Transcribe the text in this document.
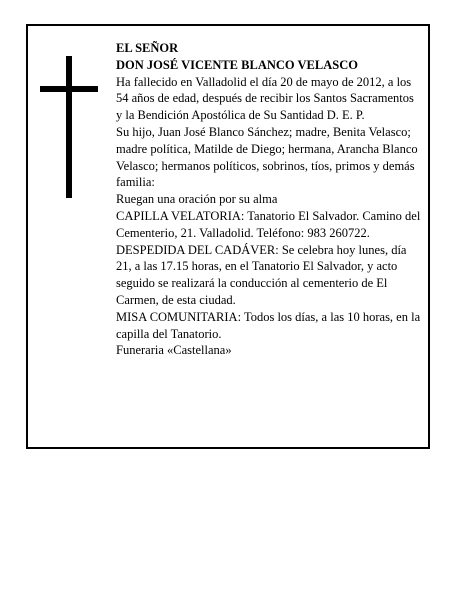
EL SEÑOR

DON JOSÉ VICENTE BLANCO VELASCO

Ha fallecido en Valladolid el día 20 de mayo de 2012, a los 54 años de edad, después de recibir los Santos Sacramentos y la Bendición Apostólica de Su Santidad D. E. P.

Su hijo, Juan José Blanco Sánchez; madre, Benita Velasco; madre política, Matilde de Diego; hermana, Arancha Blanco Velasco; hermanos políticos, sobrinos, tíos, primos y demás familia:

Ruegan una oración por su alma

CAPILLA VELATORIA: Tanatorio El Salvador. Camino del Cementerio, 21. Valladolid. Teléfono: 983 260722.

DESPEDIDA DEL CADÁVER: Se celebra hoy lunes, día 21, a las 17.15 horas, en el Tanatorio El Salvador, y acto seguido se realizará la conducción al cementerio de El Carmen, de esta ciudad.

MISA COMUNITARIA: Todos los días, a las 10 horas, en la capilla del Tanatorio.

Funeraria «Castellana»
